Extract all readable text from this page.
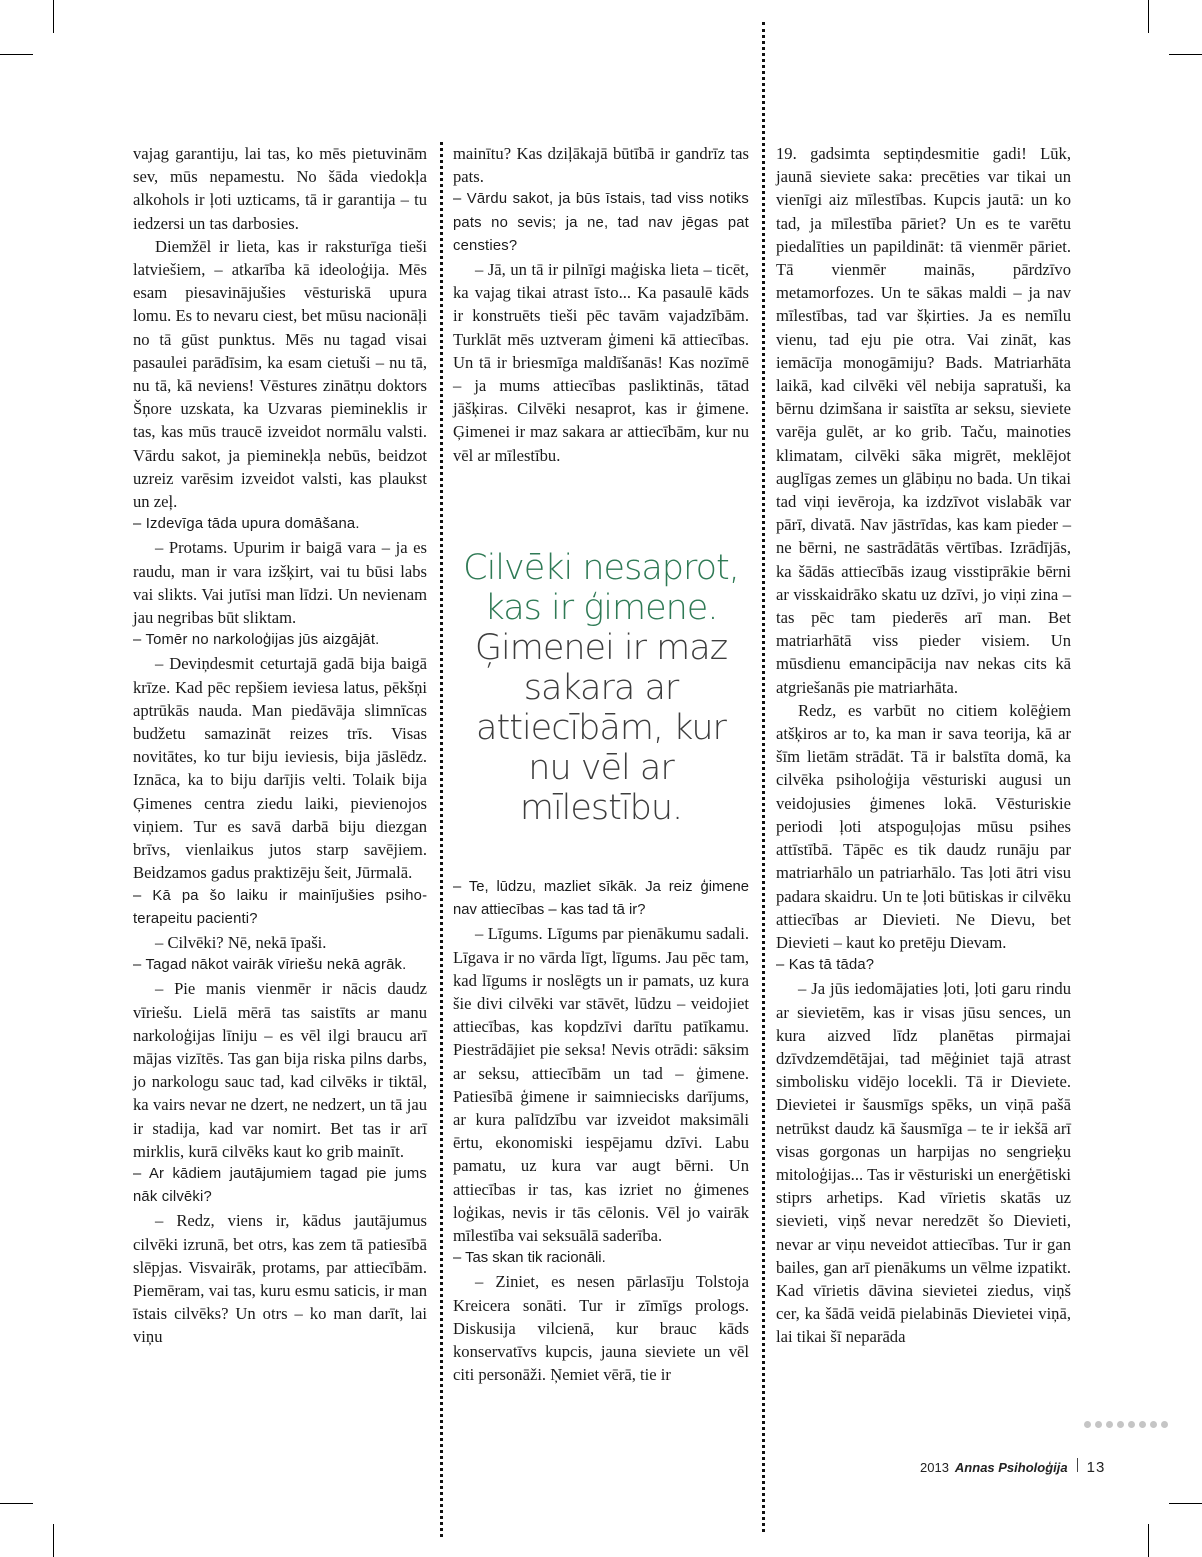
vajag garantiju, lai tas, ko mēs pietuvinām sev, mūs nepamestu. No šāda viedokļa alkohols ir ļoti uzticams, tā ir garantija – tu iedzersi un tas darbosies.

Diemžēl ir lieta, kas ir raksturīga tieši latviešiem, – atkarība kā ideoloģija. Mēs esam piesavinājušies vēsturiskā upura lomu. Es to nevaru ciest, bet mūsu nacionāļi no tā gūst punktus. Mēs nu tagad visai pasaulei parādīsim, ka esam cietuši – nu tā, nu tā, kā neviens! Vēstures zinātņu doktors Šņore uzskata, ka Uzvaras piemineklis ir tas, kas mūs traucē izveidot normālu valsti. Vārdu sakot, ja pieminekļa nebūs, beidzot uzreiz varēsim izveidot valsti, kas plaukst un zeļ.

– Izdevīga tāda upura domāšana.

– Protams. Upurim ir baigā vara – ja es raudu, man ir vara izšķirt, vai tu būsi labs vai slikts. Vai jutīsi man līdzi. Un nevienam jau negribas būt sliktam.

– Tomēr no narkoloģijas jūs aizgājāt.

– Deviņdesmit ceturtajā gadā bija baigā krīze. Kad pēc repšiem ieviesa latus, pēkšņi aptrūkās nauda. Man piedāvāja slimnīcas budžetu samazināt reizes trīs. Visas novitātes, ko tur biju ieviesis, bija jāslēdz. Iznāca, ka to biju darījis velti. Tolaik bija Ģimenes centra ziedu laiki, pievienojos viņiem. Tur es savā darbā biju diezgan brīvs, vienlaikus jutos starp savējiem. Beidzamos gadus praktizēju šeit, Jūrmalā.

– Kā pa šo laiku ir mainījušies psihoterapeitu pacienti?

– Cilvēki? Nē, nekā īpaši.

– Tagad nākot vairāk vīriešu nekā agrāk.

– Pie manis vienmēr ir nācis daudz vīriešu. Lielā mērā tas saistīts ar manu narkoloģijas līniju – es vēl ilgi braucu arī mājas vizītēs. Tas gan bija riska pilns darbs, jo narkologu sauc tad, kad cilvēks ir tiktāl, ka vairs nevar ne dzert, ne nedzert, un tā jau ir stadija, kad var nomirt. Bet tas ir arī mirklis, kurā cilvēks kaut ko grib mainīt.

– Ar kādiem jautājumiem tagad pie jums nāk cilvēki?

– Redz, viens ir, kādus jautājumus cilvēki izrunā, bet otrs, kas zem tā patiesībā slēpjas. Visvairāk, protams, par attiecībām. Piemēram, vai tas, kuru esmu saticis, ir man īstais cilvēks? Un otrs – ko man darīt, lai viņu

mainītu? Kas dziļākajā būtībā ir gandrīz tas pats.

– Vārdu sakot, ja būs īstais, tad viss notiks pats no sevis; ja ne, tad nav jēgas pat censties?

– Jā, un tā ir pilnīgi maģiska lieta – ticēt, ka vajag tikai atrast īsto... Ka pasaulē kāds ir konstruēts tieši pēc tavām vajadzībām. Turklāt mēs uztveram ģimeni kā attiecības. Un tā ir briesmīga maldīšanās! Kas nozīmē – ja mums attiecības pasliktinās, tātad jāšķiras. Cilvēki nesaprot, kas ir ģimene. Ģimenei ir maz sakara ar attiecībām, kur nu vēl ar mīlestību.

Cilvēki nesaprot, kas ir ģimene.
Ģimenei ir maz sakara ar attiecībām, kur nu vēl ar mīlestību.

– Te, lūdzu, mazliet sīkāk. Ja reiz ģimene nav attiecības – kas tad tā ir?

– Līgums. Līgums par pienākumu sadali. Līgava ir no vārda līgt, līgums. Jau pēc tam, kad līgums ir noslēgts un ir pamats, uz kura šie divi cilvēki var stāvēt, lūdzu – veidojiet attiecības, kas kopdzīvi darītu patīkamu. Piestrādājiet pie seksa! Nevis otrādi: sāksim ar seksu, attiecībām un tad – ģimene. Patiesībā ģimene ir saimniecisks darījums, ar kura palīdzību var izveidot maksimāli ērtu, ekonomiski iespējamu dzīvi. Labu pamatu, uz kura var augt bērni. Un attiecības ir tas, kas izriet no ģimenes loģikas, nevis ir tās cēlonis. Vēl jo vairāk mīlestība vai seksuālā saderība.

– Tas skan tik racionāli.

– Ziniet, es nesen pārlasīju Tolstoja Kreicera sonāti. Tur ir zīmīgs prologs. Diskusija vilcienā, kur brauc kāds konservatīvs kupcis, jauna sieviete un vēl citi personāži. Ņemiet vērā, tie ir

19. gadsimta septiņdesmitie gadi! Lūk, jaunā sieviete saka: precēties var tikai un vienīgi aiz mīlestības. Kupcis jautā: un ko tad, ja mīlestība pāriet? Un es te varētu piedalīties un papildināt: tā vienmēr pāriet. Tā vienmēr mainās, pārdzīvo metamorfozes. Un te sākas maldi – ja nav mīlestības, tad var šķirties. Ja es nemīlu vienu, tad eju pie otra. Vai zināt, kas iemācīja monogāmiju? Bads. Matriarhāta laikā, kad cilvēki vēl nebija sapratuši, ka bērnu dzimšana ir saistīta ar seksu, sieviete varēja gulēt, ar ko grib. Taču, mainoties klimatam, cilvēki sāka migrēt, meklējot auglīgas zemes un glābiņu no bada. Un tikai tad viņi ievēroja, ka izdzīvot vislabāk var pārī, divatā. Nav jāstrīdas, kas kam pieder – ne bērni, ne sastrādātās vērtības. Izrādījās, ka šādās attiecībās izaug visstiprākie bērni ar visskaidrāko skatu uz dzīvi, jo viņi zina – tas pēc tam piederēs arī man. Bet matriarhātā viss pieder visiem. Un mūsdienu emancipācija nav nekas cits kā atgriešanās pie matriarhāta.

Redz, es varbūt no citiem kolēģiem atšķiros ar to, ka man ir sava teorija, kā ar šīm lietām strādāt. Tā ir balstīta domā, ka cilvēka psiholoģija vēsturiski augusi un veidojusies ģimenes lokā. Vēsturiskie periodi ļoti atspoguļojas mūsu psihes attīstībā. Tāpēc es tik daudz runāju par matriarhālo un patriarhālo. Tas ļoti ātri visu padara skaidru. Un te ļoti būtiskas ir cilvēku attiecības ar Dievieti. Ne Dievu, bet Dievieti – kaut ko pretēju Dievam.

– Kas tā tāda?

– Ja jūs iedomājaties ļoti, ļoti garu rindu ar sievietēm, kas ir visas jūsu sences, un kura aizved līdz planētas pirmajai dzīvdzemdētājai, tad mēģiniet tajā atrast simbolisku vidējo locekli. Tā ir Dieviete. Dievietei ir šausmīgs spēks, un viņā pašā netrūkst daudz kā šausmīga – te ir iekšā arī visas gorgonas un harpijas no sengrieķu mitoloģijas... Tas ir vēsturiski un enerģētiski stiprs arhetips. Kad vīrietis skatās uz sievieti, viņš nevar neredzēt šo Dievieti, nevar ar viņu neveidot attiecības. Tur ir gan bailes, gan arī pienākums un vēlme izpatikt. Kad vīrietis dāvina sievietei ziedus, viņš cer, ka šādā veidā pielabinās Dievietei viņā, lai tikai šī neparāda

2013 Annas Psiholoģija 13
